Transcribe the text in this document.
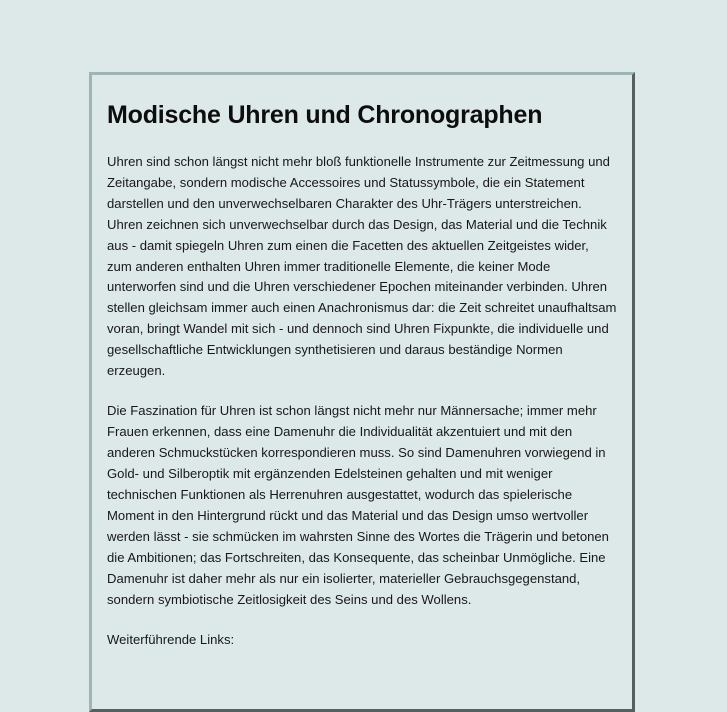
Modische Uhren und Chronographen

Uhren sind schon längst nicht mehr bloß funktionelle Instrumente zur Zeitmessung und Zeitangabe, sondern modische Accessoires und Statussymbole, die ein Statement darstellen und den unverwechselbaren Charakter des Uhr-Trägers unterstreichen. Uhren zeichnen sich unverwechselbar durch das Design, das Material und die Technik aus - damit spiegeln Uhren zum einen die Facetten des aktuellen Zeitgeistes wider, zum anderen enthalten Uhren immer traditionelle Elemente, die keiner Mode unterworfen sind und die Uhren verschiedener Epochen miteinander verbinden. Uhren stellen gleichsam immer auch einen Anachronismus dar: die Zeit schreitet unaufhaltsam voran, bringt Wandel mit sich - und dennoch sind Uhren Fixpunkte, die individuelle und gesellschaftliche Entwicklungen synthetisieren und daraus beständige Normen erzeugen.

Die Faszination für Uhren ist schon längst nicht mehr nur Männersache; immer mehr Frauen erkennen, dass eine Damenuhr die Individualität akzentuiert und mit den anderen Schmuckstücken korrespondieren muss. So sind Damenuhren vorwiegend in Gold- und Silberoptik mit ergänzenden Edelsteinen gehalten und mit weniger technischen Funktionen als Herrenuhren ausgestattet, wodurch das spielerische Moment in den Hintergrund rückt und das Material und das Design umso wertvoller werden lässt - sie schmücken im wahrsten Sinne des Wortes die Trägerin und betonen die Ambitionen; das Fortschreiten, das Konsequente, das scheinbar Unmögliche. Eine Damenuhr ist daher mehr als nur ein isolierter, materieller Gebrauchsgegenstand, sondern symbiotische Zeitlosigkeit des Seins und des Wollens.

Weiterführende Links:
